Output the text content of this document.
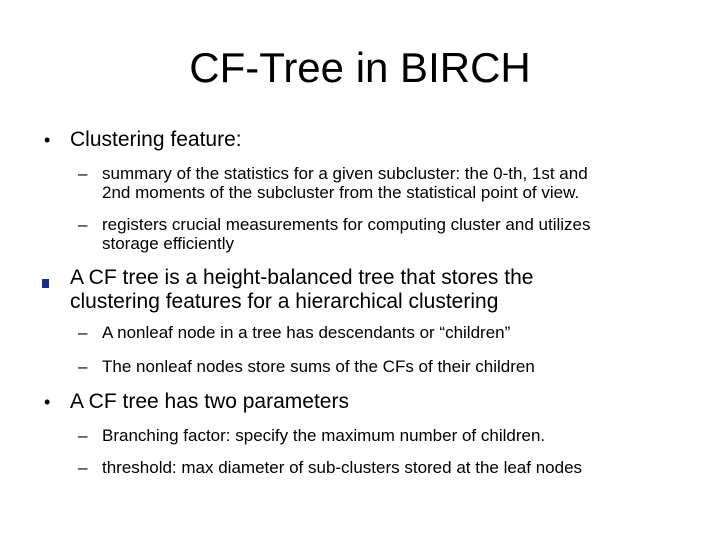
CF-Tree in BIRCH
• Clustering feature:
– summary of the statistics for a given subcluster: the 0-th, 1st and
2nd moments of the subcluster from the statistical point of view.
– registers crucial measurements for computing cluster and utilizes
storage efficiently
A CF tree is a height-balanced tree that stores the
clustering features for a hierarchical clustering
– A nonleaf node in a tree has descendants or “children”
– The nonleaf nodes store sums of the CFs of their children
• A CF tree has two parameters
– Branching factor: specify the maximum number of children.
– threshold: max diameter of sub-clusters stored at the leaf nodes
